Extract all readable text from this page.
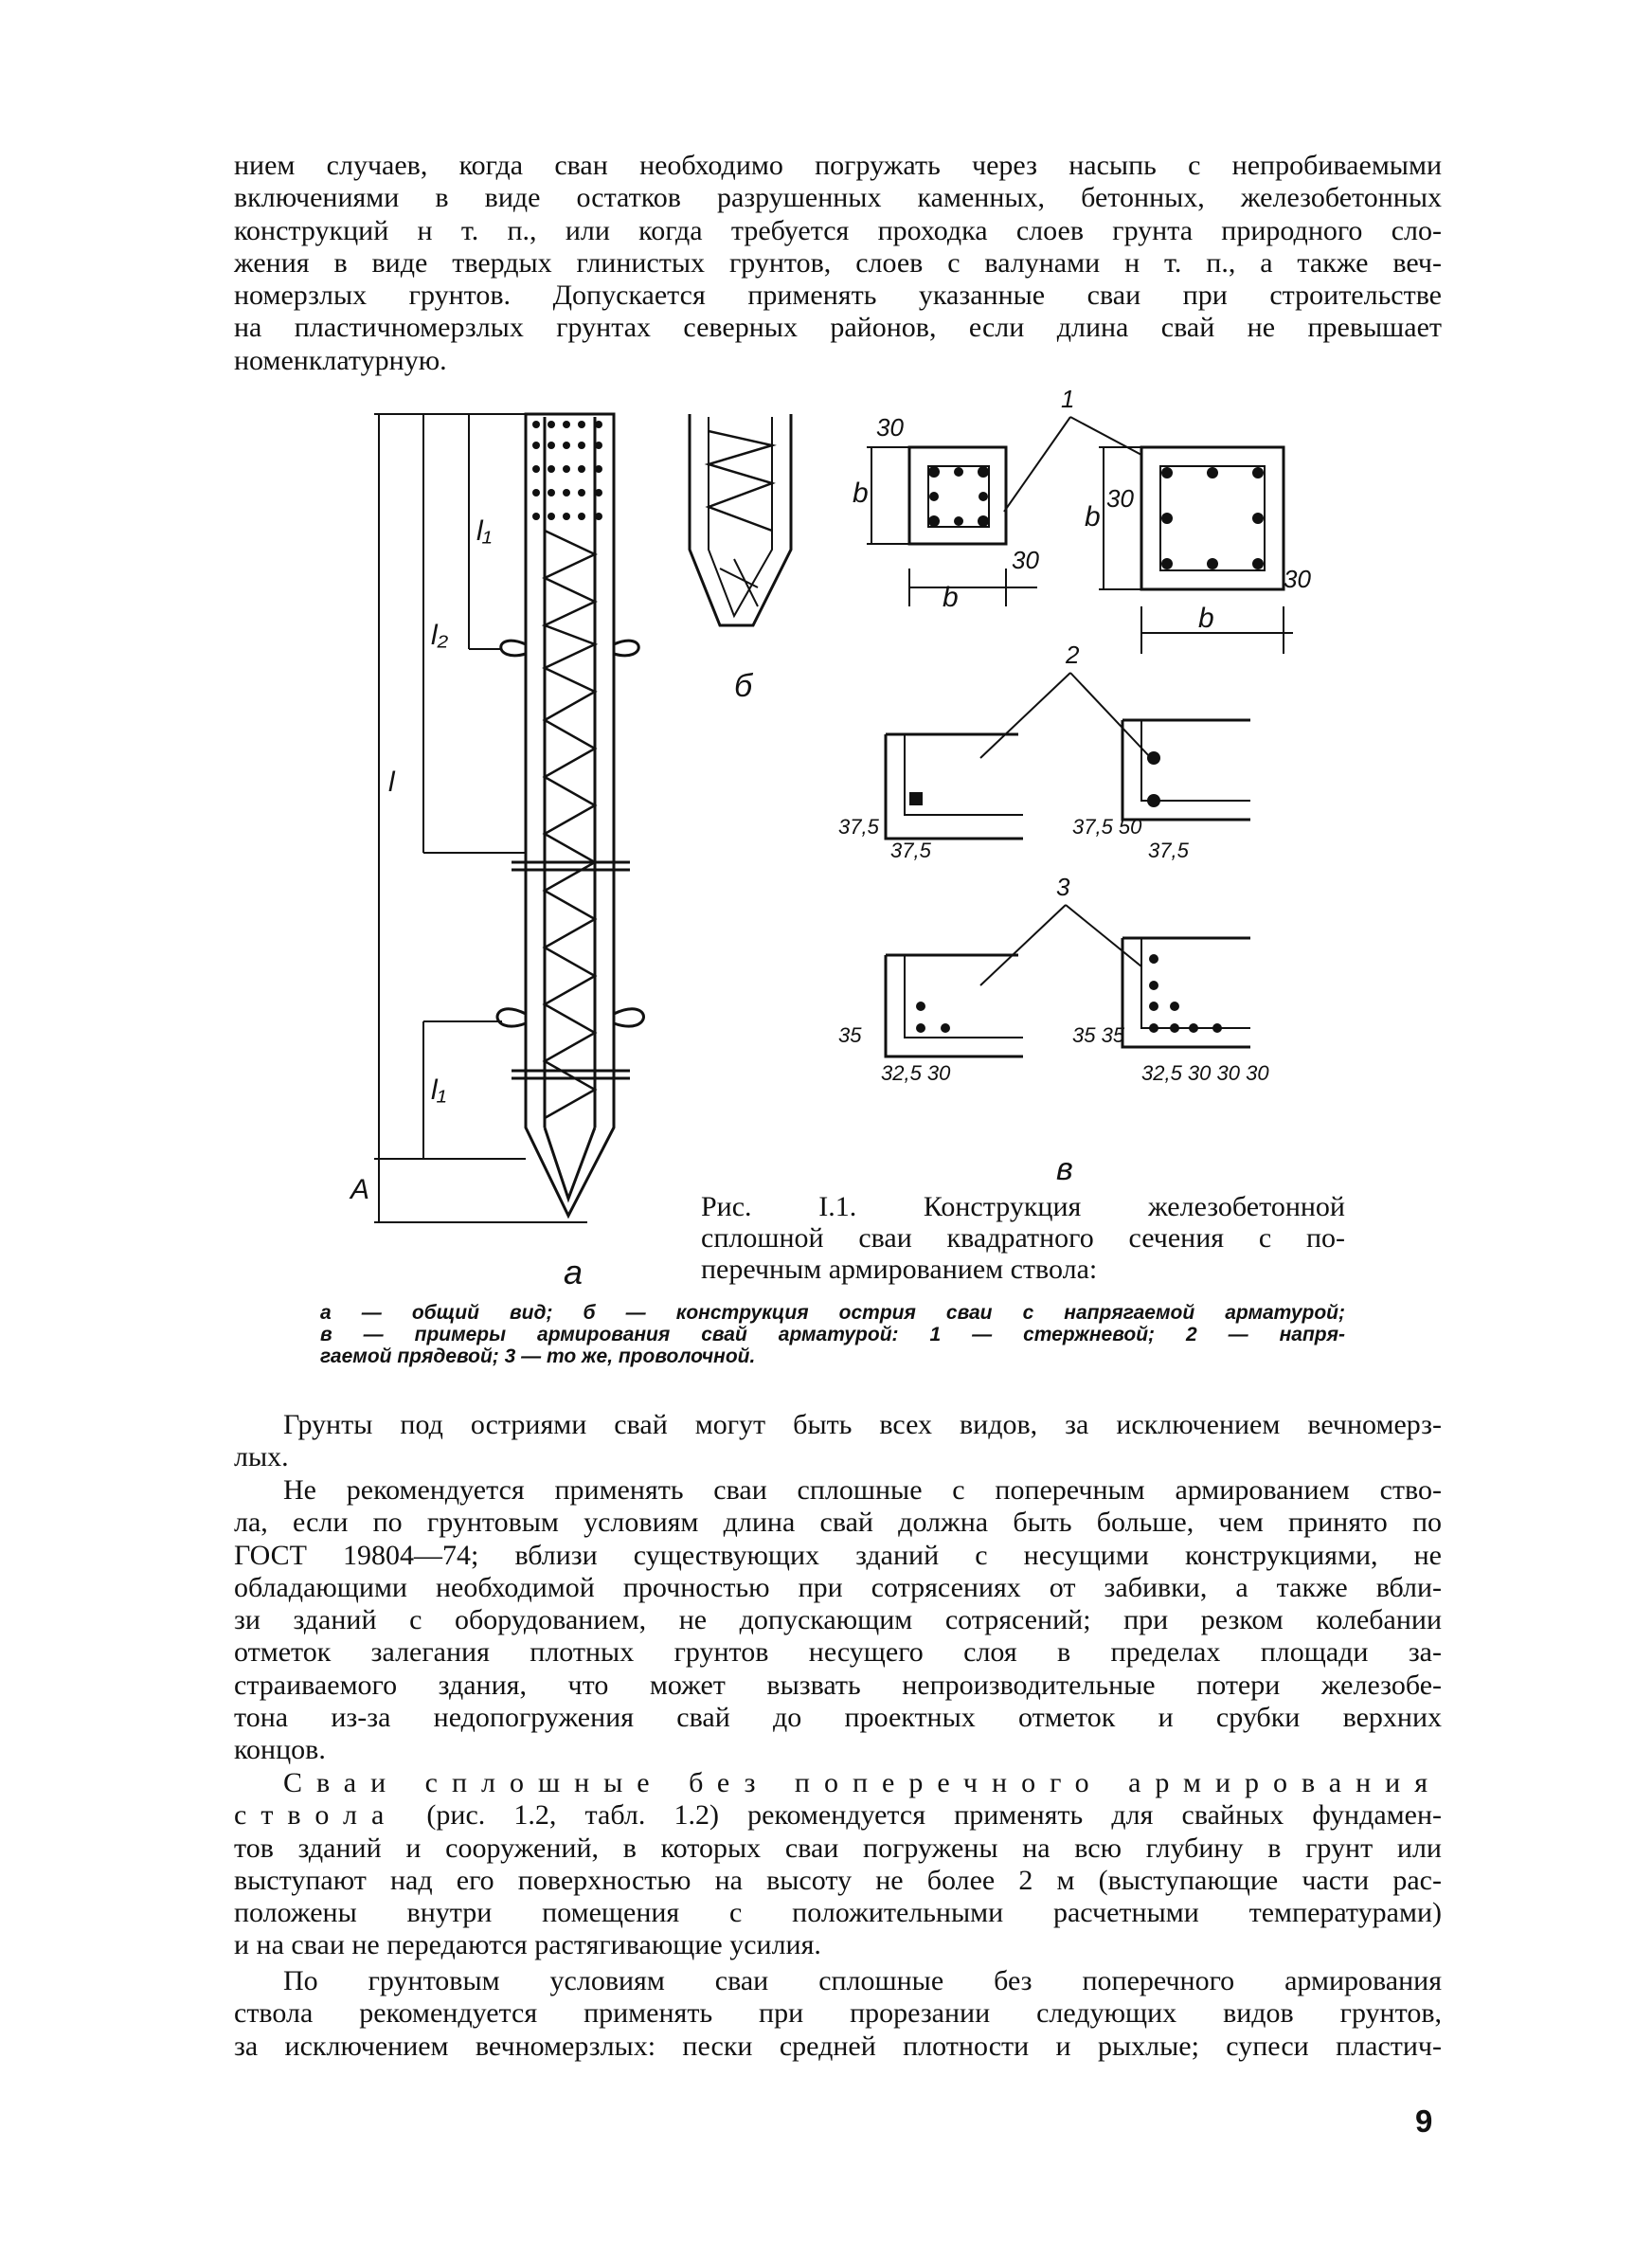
нием случаев, когда сван необходимо погружать через насыпь с непробиваемыми
включениями в виде остатков разрушенных каменных, бетонных, железобетонных
конструкций н т. п., или когда требуется проходка слоев грунта природного сло-
жения в виде твердых глинистых грунтов, слоев с валунами н т. п., а также веч-
номерзлых грунтов. Допускается применять указанные сваи при строительстве
на пластичномерзлых грунтах северных районов, если длина свай не превышает
номенклатурную.
l
l₂
l₁
l₁
A
а
б
1
2
3
b
b
b
b
30
30
30
30
37,5
37,5
37,5 50
37,5
35	35 35
32,5 30	32,5 30 30 30
в
Рис. I.1. Конструкция железобетонной
сплошной сваи квадратного сечения с по-
перечным армированием ствола:
а — общий вид; б — конструкция острия сваи с напрягаемой арматурой;
в — примеры армирования свай арматурой: 1 — стержневой; 2 — напря-
гаемой прядевой; 3 — то же, проволочной.
Грунты под остриями свай могут быть всех видов, за исключением вечномерз-
лых.
Не рекомендуется применять сваи сплошные с поперечным армированием ство-
ла, если по грунтовым условиям длина свай должна быть больше, чем принято по
ГОСТ 19804—74; вблизи существующих зданий с несущими конструкциями, не
обладающими необходимой прочностью при сотрясениях от забивки, а также вбли-
зи зданий с оборудованием, не допускающим сотрясений; при резком колебании
отметок залегания плотных грунтов несущего слоя в пределах площади за-
страиваемого здания, что может вызвать непроизводительные потери железобе-
тона из-за недопогружения свай до проектных отметок и срубки верхних
концов.
Сваи сплошные без поперечного армирования
ствола (рис. 1.2, табл. 1.2) рекомендуется применять для свайных фундамен-
тов зданий и сооружений, в которых сваи погружены на всю глубину в грунт или
выступают над его поверхностью на высоту не более 2 м (выступающие части рас-
положены внутри помещения с положительными расчетными температурами)
и на сваи не передаются растягивающие усилия.
По грунтовым условиям сваи сплошные без поперечного армирования
ствола рекомендуется применять при прорезании следующих видов грунтов,
за исключением вечномерзлых: пески средней плотности и рыхлые; супеси пластич-
9
